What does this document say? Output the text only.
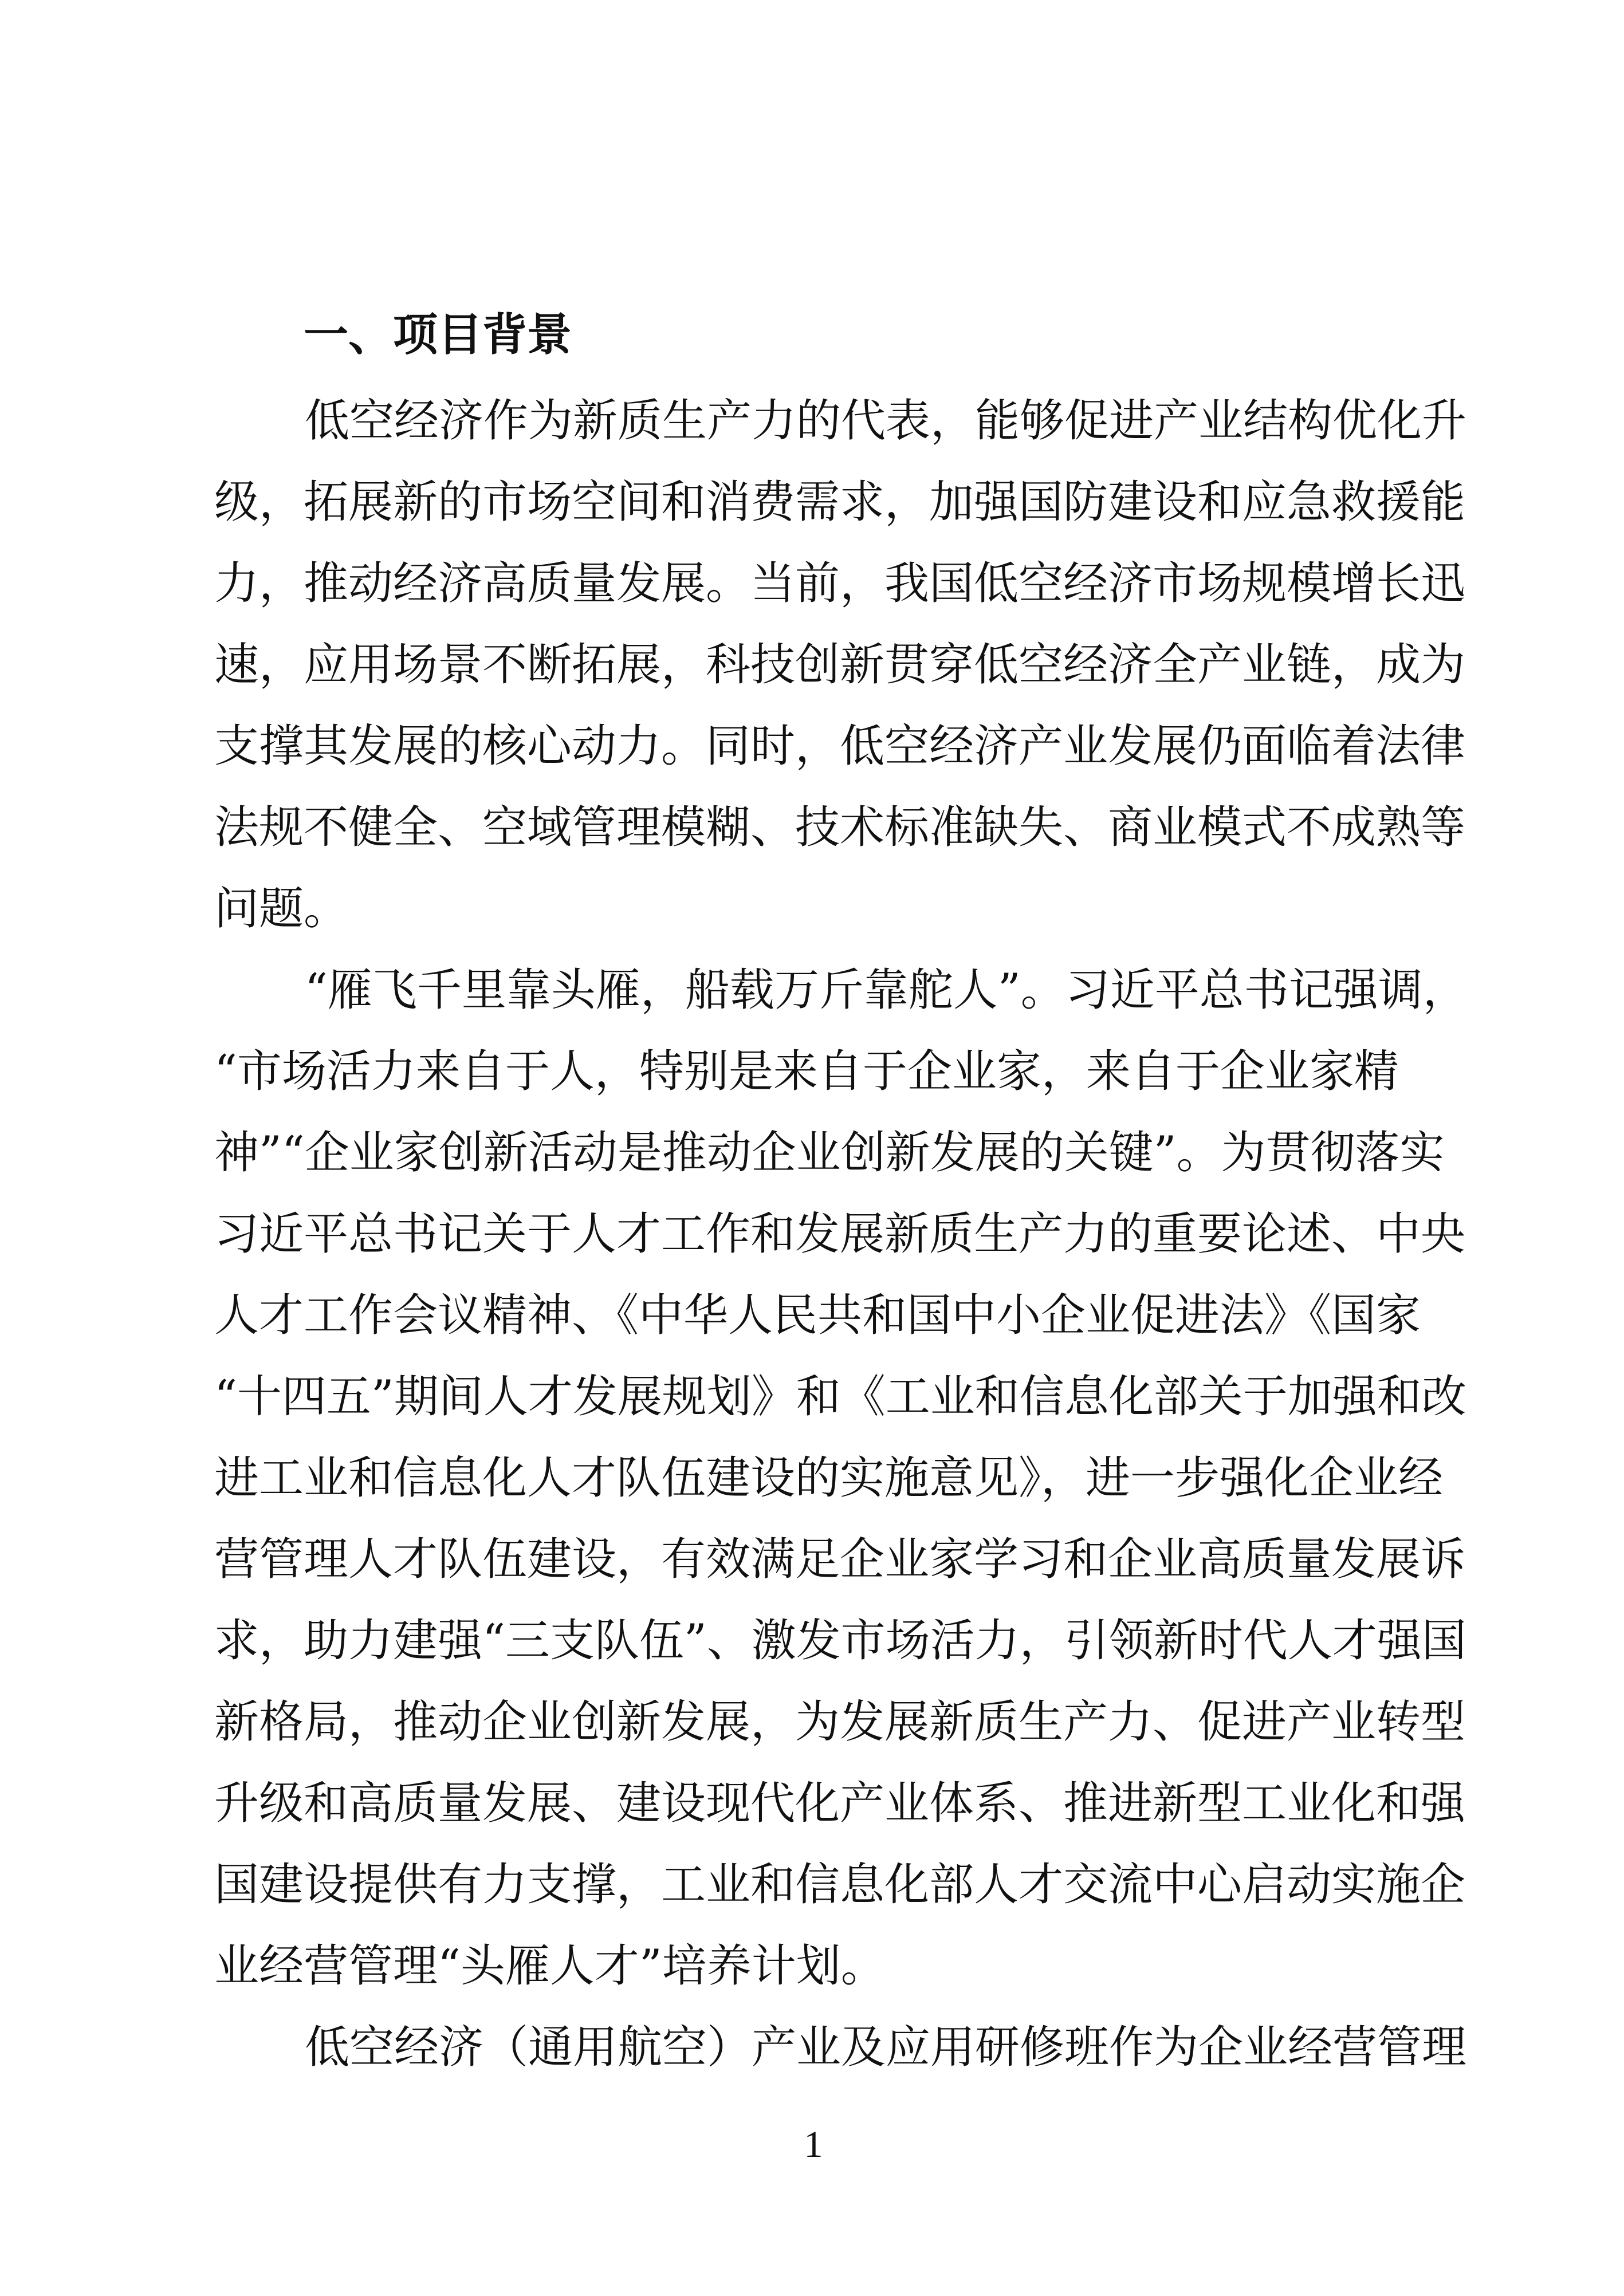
一、项目背景
低空经济作为新质生产力的代表，能够促进产业结构优化升
级，拓展新的市场空间和消费需求，加强国防建设和应急救援能
力，推动经济高质量发展。当前，我国低空经济市场规模增长迅
速，应用场景不断拓展，科技创新贯穿低空经济全产业链，成为
支撑其发展的核心动力。同时，低空经济产业发展仍面临着法律
法规不健全、空域管理模糊、技术标准缺失、商业模式不成熟等
问题。
“雁飞千里靠头雁，船载万斤靠舵人”。习近平总书记强调，
“市场活力来自于人，特别是来自于企业家，来自于企业家精
神”“企业家创新活动是推动企业创新发展的关键”。为贯彻落实
习近平总书记关于人才工作和发展新质生产力的重要论述、中央
人才工作会议精神、《中华人民共和国中小企业促进法》《国家
“十四五”期间人才发展规划》和《工业和信息化部关于加强和改
进工业和信息化人才队伍建设的实施意见》，进一步强化企业经
营管理人才队伍建设，有效满足企业家学习和企业高质量发展诉
求，助力建强“三支队伍”、激发市场活力，引领新时代人才强国
新格局，推动企业创新发展，为发展新质生产力、促进产业转型
升级和高质量发展、建设现代化产业体系、推进新型工业化和强
国建设提供有力支撑，工业和信息化部人才交流中心启动实施企
业经营管理“头雁人才”培养计划。
低空经济（通用航空）产业及应用研修班作为企业经营管理
1
